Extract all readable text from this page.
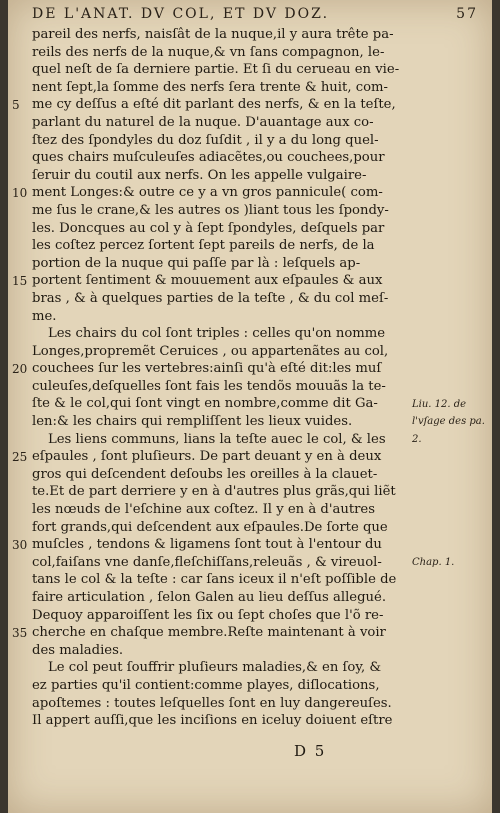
DE L'ANAT. DV COL, ET DV DOZ.	57
5
10
15
20
25
30
35
pareil des nerfs, naisſât de la nuque,il y aura trête pa-
reils des nerfs de la nuque,& vn ſans compagnon, le-
quel neſt de ſa derniere partie. Et ſi du cerueau en vie-
nent ſept,la ſomme des nerfs ſera trente & huit, com-
me cy deſſus a eſté dit parlant des nerfs, & en la teſte,
parlant du naturel de la nuque. D'auantage aux co-
ſtez des ſpondyles du doz ſuſdit , il y a du long quel-
ques chairs muſculeuſes adiacẽtes,ou couchees,pour
ſeruir du coutil aux nerfs. On les appelle vulgaire-
ment Longes:& outre ce y a vn gros pannicule( com-
me ſus le crane,& les autres os )liant tous les ſpondy-
les. Doncques au col y à ſept ſpondyles, deſquels par
les coſtez percez ſortent ſept pareils de nerfs, de la
portion de la nuque qui paſſe par là : leſquels ap-
portent ſentiment & mouuement aux eſpaules & aux
bras , & à quelques parties de la teſte , & du col meſ-
me.
Les chairs du col ſont triples : celles qu'on nomme
Longes,propremẽt Ceruices , ou appartenãtes au col,
couchees ſur les vertebres:ainſi qu'à eſté dit:les muſ
culeuſes,deſquelles ſont fais les tendõs mouuãs la te-
ſte & le col,qui ſont vingt en nombre,comme dit Ga-
len:& les chairs qui rempliſſent les lieux vuides.
Les liens communs, lians la teſte auec le col, & les
eſpaules , ſont pluſieurs. De part deuant y en à deux
gros qui deſcendent deſoubs les oreilles à la clauet-
te.Et de part derriere y en à d'autres plus grãs,qui liẽt
les nœuds de l'eſchine aux coſtez. Il y en à d'autres
fort grands,qui deſcendent aux eſpaules.De ſorte que
muſcles , tendons & ligamens ſont tout à l'entour du
col,faiſans vne danſe,fleſchiſſans,releuãs , & vireuol-
tans le col & la teſte : car ſans iceux il n'eſt poſſible de
faire articulation , ſelon Galen au lieu deſſus allegué.
Dequoy apparoiſſent les ſix ou ſept choſes que l'õ re-
cherche en chaſque membre.Reſte maintenant à voir
des maladies.
Le col peut ſouffrir pluſieurs maladies,& en ſoy, &
ez parties qu'il contient:comme playes, diſlocations,
apoſtemes : toutes leſquelles ſont en luy dangereuſes.
Il appert auſſi,que les inciſions en iceluy doiuent eſtre
Liu. 12. de
l'vſage des pa.
2.
Chap. 1.
D 5
